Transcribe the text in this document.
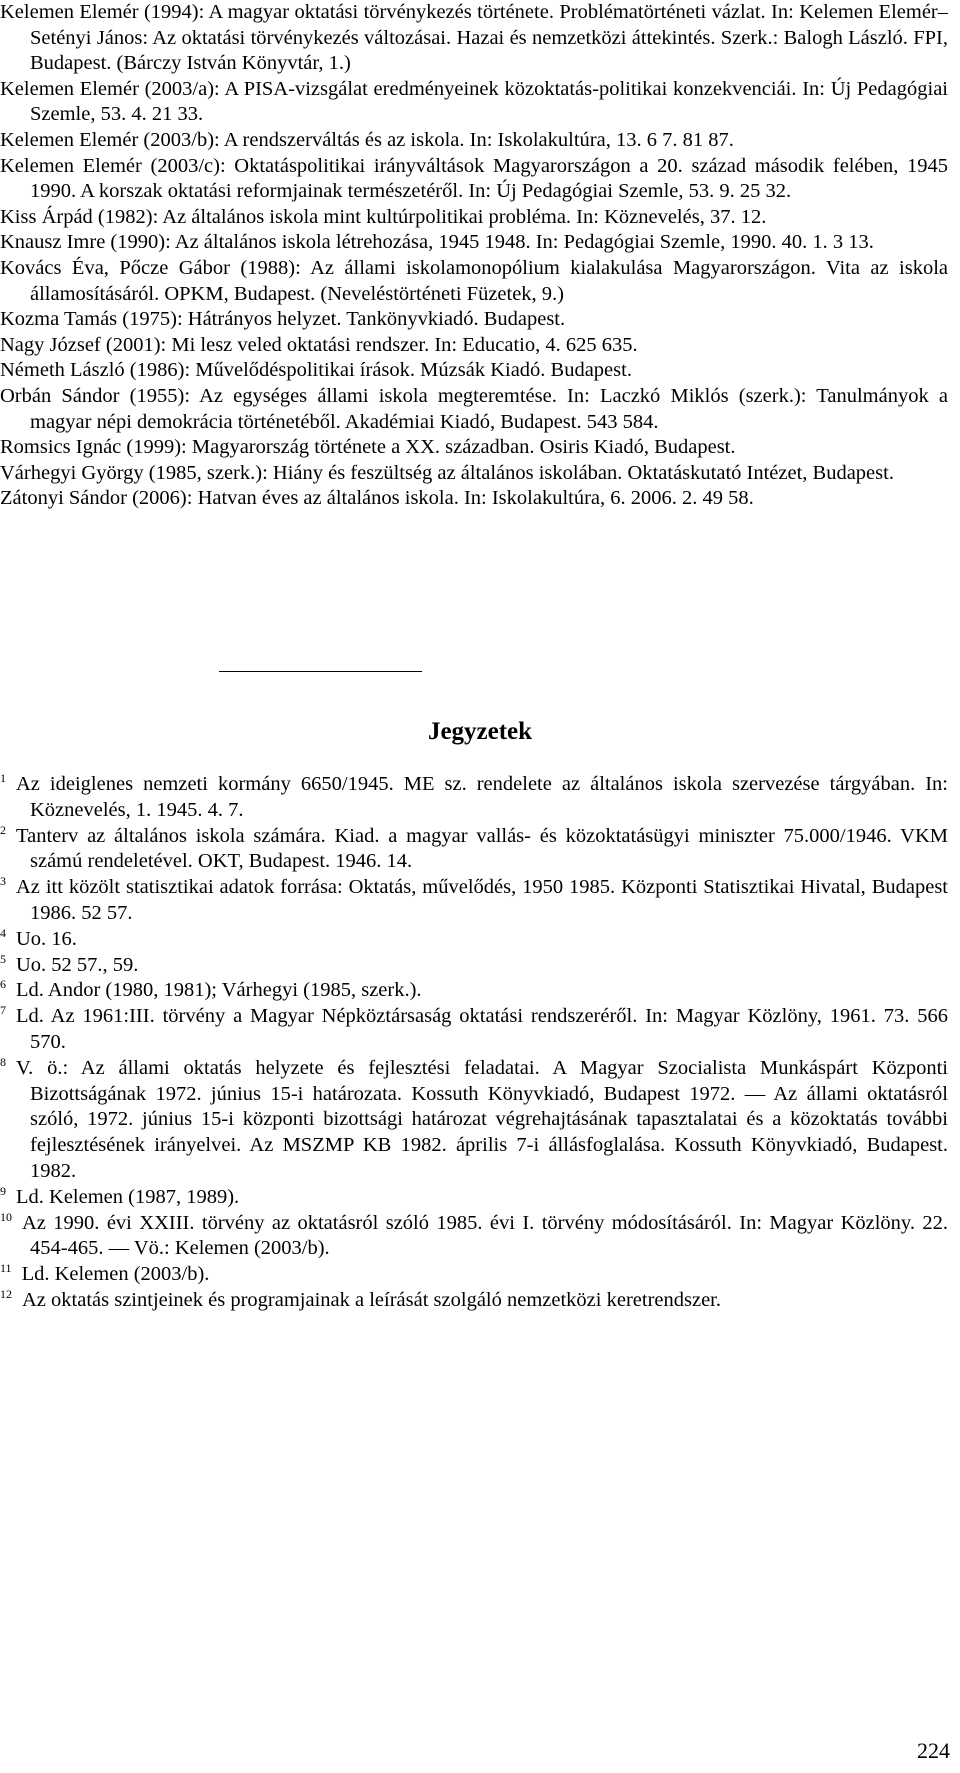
Kelemen Elemér (1994): A magyar oktatási törvénykezés története. Problématörténeti vázlat. In: Kelemen Elemér–Setényi János: Az oktatási törvénykezés változásai. Hazai és nemzetközi áttekintés. Szerk.: Balogh László. FPI, Budapest. (Bárczy István Könyvtár, 1.)

Kelemen Elemér (2003/a): A PISA-vizsgálat eredményeinek közoktatás-politikai konzekvenciái. In: Új Pedagógiai Szemle, 53. 4. 21 33.

Kelemen Elemér (2003/b): A rendszerváltás és az iskola. In: Iskolakultúra, 13. 6 7. 81 87.

Kelemen Elemér (2003/c): Oktatáspolitikai irányváltások Magyarországon a 20. század második felében, 1945 1990. A korszak oktatási reformjainak természetéről. In: Új Pedagógiai Szemle, 53. 9. 25 32.

Kiss Árpád (1982): Az általános iskola mint kultúrpolitikai probléma. In: Köznevelés, 37. 12.

Knausz Imre (1990): Az általános iskola létrehozása, 1945 1948. In: Pedagógiai Szemle, 1990. 40. 1. 3 13.

Kovács Éva, Pőcze Gábor (1988): Az állami iskolamonopólium kialakulása Magyarországon. Vita az iskola államosításáról. OPKM, Budapest. (Neveléstörténeti Füzetek, 9.)

Kozma Tamás (1975): Hátrányos helyzet. Tankönyvkiadó. Budapest.

Nagy József (2001): Mi lesz veled oktatási rendszer. In: Educatio, 4. 625 635.

Németh László (1986): Művelődéspolitikai írások. Múzsák Kiadó. Budapest.

Orbán Sándor (1955): Az egységes állami iskola megteremtése. In: Laczkó Miklós (szerk.): Tanulmányok a magyar népi demokrácia történetéből. Akadémiai Kiadó, Budapest. 543 584.

Romsics Ignác (1999): Magyarország története a XX. században. Osiris Kiadó, Budapest.

Várhegyi György (1985, szerk.): Hiány és feszültség az általános iskolában. Oktatáskutató Intézet, Budapest.

Zátonyi Sándor (2006): Hatvan éves az általános iskola. In: Iskolakultúra, 6. 2006. 2. 49 58.

Jegyzetek

$^1$ Az ideiglenes nemzeti kormány 6650/1945. ME sz. rendelete az általános iskola szervezése tárgyában. In: Köznevelés, 1. 1945. 4. 7.

$^2$ Tanterv az általános iskola számára. Kiad. a magyar vallás- és közoktatásügyi miniszter 75.000/1946. VKM számú rendeletével. OKT, Budapest. 1946. 14.

$^3$ Az itt közölt statisztikai adatok forrása: Oktatás, művelődés, 1950 1985. Központi Statisztikai Hivatal, Budapest 1986. 52 57.

$^4$ Uo. 16.

$^5$ Uo. 52 57., 59.

$^6$ Ld. Andor (1980, 1981); Várhegyi (1985, szerk.).

$^7$ Ld. Az 1961:III. törvény a Magyar Népköztársaság oktatási rendszeréről. In: Magyar Közlöny, 1961. 73. 566 570.

$^8$ V. ö.: Az állami oktatás helyzete és fejlesztési feladatai. A Magyar Szocialista Munkáspárt Központi Bizottságának 1972. június 15-i határozata. Kossuth Könyvkiadó, Budapest 1972. — Az állami oktatásról szóló, 1972. június 15-i központi bizottsági határozat végrehajtásának tapasztalatai és a közoktatás további fejlesztésének irányelvei. Az MSZMP KB 1982. április 7-i állásfoglalása. Kossuth Könyvkiadó, Budapest. 1982.

$^9$ Ld. Kelemen (1987, 1989).

$^{10}$ Az 1990. évi XXIII. törvény az oktatásról szóló 1985. évi I. törvény módosításáról. In: Magyar Közlöny. 22. 454-465. — Vö.: Kelemen (2003/b).

$^{11}$ Ld. Kelemen (2003/b).

$^{12}$ Az oktatás szintjeinek és programjainak a leírását szolgáló nemzetközi keretrendszer.

224
